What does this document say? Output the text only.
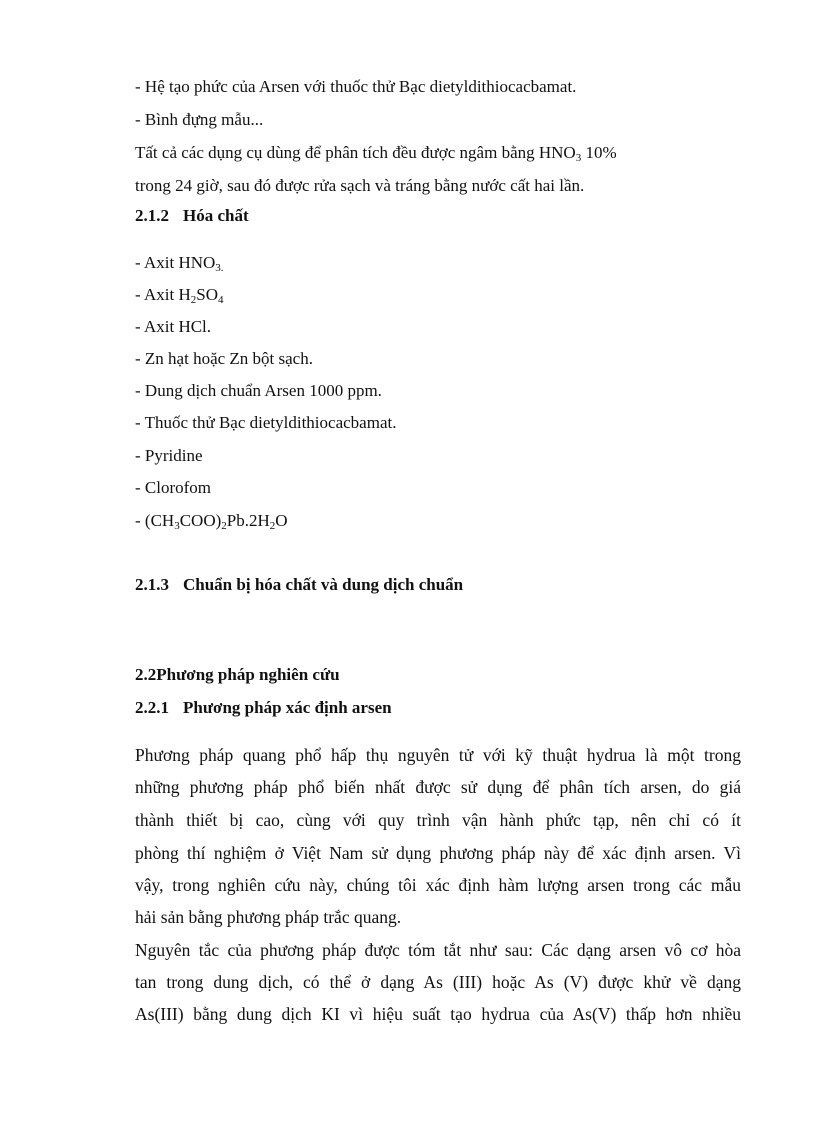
- Hệ tạo phức của Arsen với thuốc thử Bạc dietyldithiocacbamat.
- Bình đựng mẫu...
Tất cả các dụng cụ dùng để phân tích đều được ngâm bằng $HNO_3$ 10%
trong 24 giờ, sau đó được rửa sạch và tráng bằng nước cất hai lần.
2.1.2 Hóa chất
- Axit $HNO_{3.}$
- Axit $H_2SO_4$
- Axit HCl.
- Zn hạt hoặc Zn bột sạch.
- Dung dịch chuẩn Arsen 1000 ppm.
- Thuốc thử Bạc dietyldithiocacbamat.
- Pyridine
- Clorofom
- $(CH_3COO)_2Pb.2H_2O$
2.1.3 Chuẩn bị hóa chất và dung dịch chuẩn
2.2Phương pháp nghiên cứu
2.2.1 Phương pháp xác định arsen
Phương pháp quang phổ hấp thụ nguyên tử với kỹ thuật hydrua là một trong
những phương pháp phổ biến nhất được sử dụng để phân tích arsen, do giá
thành thiết bị cao, cùng với quy trình vận hành phức tạp, nên chỉ có ít
phòng thí nghiệm ở Việt Nam sử dụng phương pháp này để xác định arsen. Vì
vậy, trong nghiên cứu này, chúng tôi xác định hàm lượng arsen trong các mẫu
hải sản bằng phương pháp trắc quang.
Nguyên tắc của phương pháp được tóm tắt như sau: Các dạng arsen vô cơ hòa
tan trong dung dịch, có thể ở dạng As (III) hoặc As (V) được khử về dạng
As(III) bằng dung dịch KI vì hiệu suất tạo hydrua của As(V) thấp hơn nhiều
